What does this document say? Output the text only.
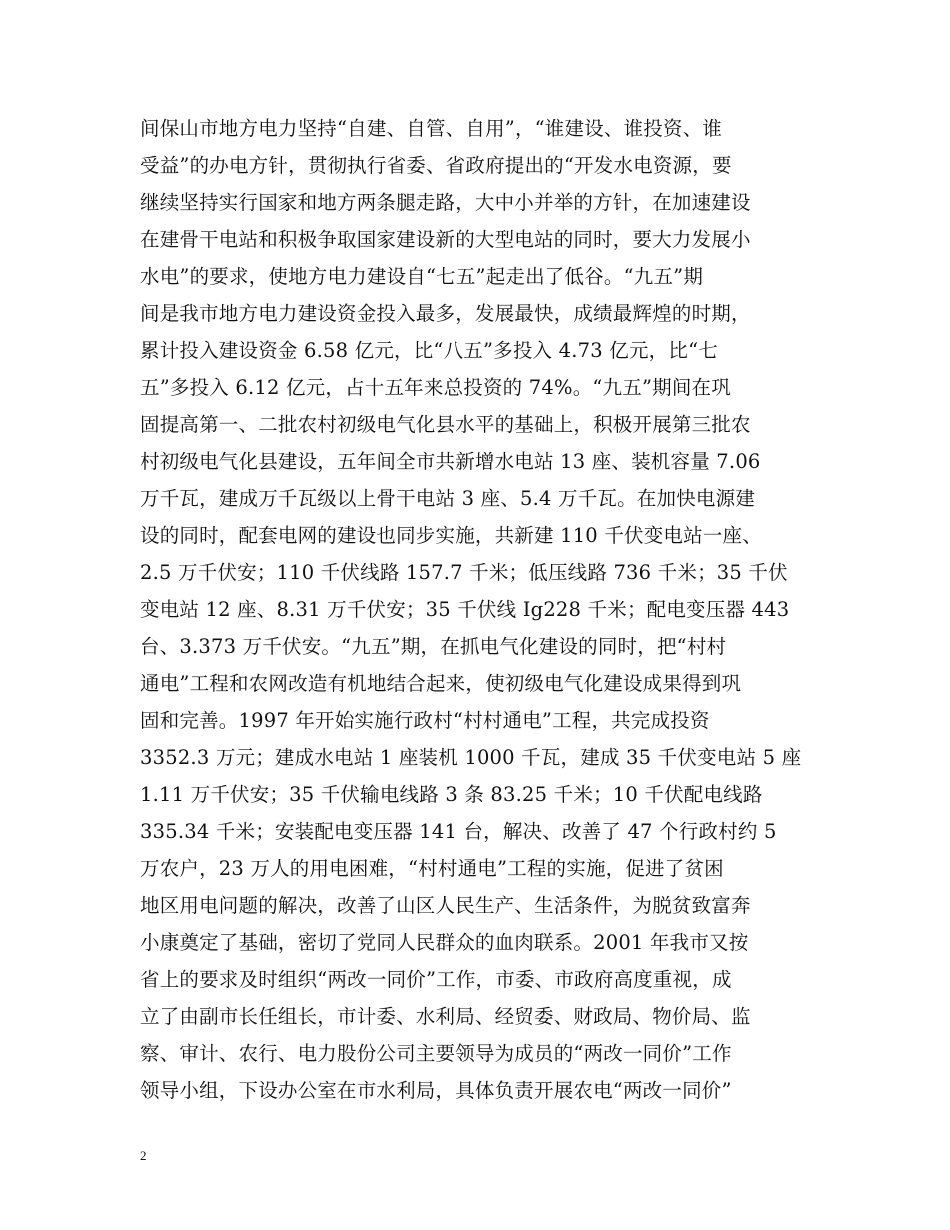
间保山市地方电力坚持“自建、自管、自用”，“谁建设、谁投资、谁
受益”的办电方针，贯彻执行省委、省政府提出的“开发水电资源，要
继续坚持实行国家和地方两条腿走路，大中小并举的方针，在加速建设
在建骨干电站和积极争取国家建设新的大型电站的同时，要大力发展小
水电”的要求，使地方电力建设自“七五”起走出了低谷。“九五”期
间是我市地方电力建设资金投入最多，发展最快，成绩最辉煌的时期，
累计投入建设资金 6.58 亿元，比“八五”多投入 4.73 亿元，比“七
五”多投入 6.12 亿元，占十五年来总投资的 74%。“九五”期间在巩
固提高第一、二批农村初级电气化县水平的基础上，积极开展第三批农
村初级电气化县建设，五年间全市共新增水电站 13 座、装机容量 7.06
万千瓦，建成万千瓦级以上骨干电站 3 座、5.4 万千瓦。在加快电源建
设的同时，配套电网的建设也同步实施，共新建 110 千伏变电站一座、
2.5 万千伏安；110 千伏线路 157.7 千米；低压线路 736 千米；35 千伏
变电站 12 座、8.31 万千伏安；35 千伏线 Ig228 千米；配电变压器 443
台、3.373 万千伏安。“九五”期，在抓电气化建设的同时，把“村村
通电”工程和农网改造有机地结合起来，使初级电气化建设成果得到巩
固和完善。1997 年开始实施行政村“村村通电”工程，共完成投资
3352.3 万元；建成水电站 1 座装机 1000 千瓦，建成 35 千伏变电站 5 座
1.11 万千伏安；35 千伏输电线路 3 条 83.25 千米；10 千伏配电线路
335.34 千米；安装配电变压器 141 台，解决、改善了 47 个行政村约 5
万农户，23 万人的用电困难，“村村通电”工程的实施，促进了贫困
地区用电问题的解决，改善了山区人民生产、生活条件，为脱贫致富奔
小康奠定了基础，密切了党同人民群众的血肉联系。2001 年我市又按
省上的要求及时组织“两改一同价”工作，市委、市政府高度重视，成
立了由副市长任组长，市计委、水利局、经贸委、财政局、物价局、监
察、审计、农行、电力股份公司主要领导为成员的“两改一同价”工作
领导小组，下设办公室在市水利局，具体负责开展农电“两改一同价”
2
